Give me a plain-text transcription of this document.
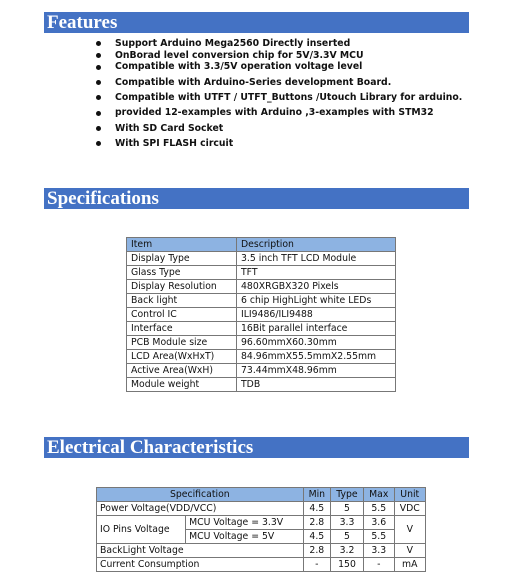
Features
Support Arduino Mega2560 Directly inserted
OnBorad level conversion chip for 5V/3.3V MCU
Compatible with 3.3/5V operation voltage level
Compatible with Arduino-Series development Board.
Compatible with UTFT / UTFT_Buttons /Utouch Library for arduino.
provided 12-examples with Arduino ,3-examples with STM32
With SD Card Socket
With SPI FLASH circuit
Specifications
Item	Description
Display Type	3.5 inch TFT LCD Module
Glass Type	TFT
Display Resolution	480XRGBX320 Pixels
Back light	6 chip HighLight white LEDs
Control IC	ILI9486/ILI9488
Interface	16Bit parallel interface
PCB Module size	96.60mmX60.30mm
LCD Area(WxHxT)	84.96mmX55.5mmX2.55mm
Active Area(WxH)	73.44mmX48.96mm
Module weight	TDB
Electrical Characteristics
Specification		Min	Type	Max	Unit
Power Voltage(VDD/VCC)		4.5	5	5.5	VDC
IO Pins Voltage	MCU Voltage = 3.3V	2.8	3.3	3.6	V
	MCU Voltage = 5V	4.5	5	5.5	
BackLight Voltage		2.8	3.2	3.3	V
Current Consumption		-	150	-	mA
